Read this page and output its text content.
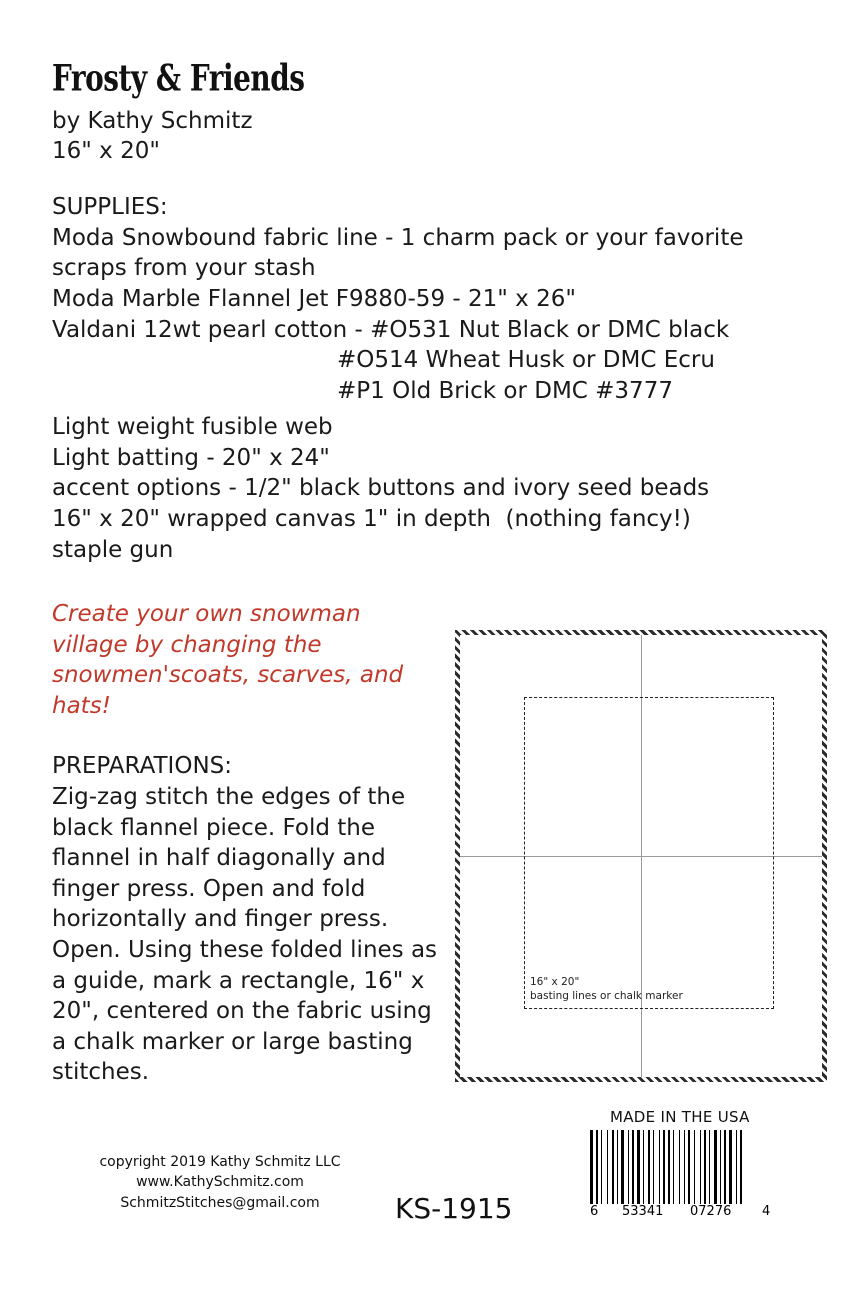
Frosty & Friends
by Kathy Schmitz
16" x 20"
SUPPLIES:
Moda Snowbound fabric line - 1 charm pack or your favorite
scraps from your stash
Moda Marble Flannel Jet F9880-59 - 21" x 26"
Valdani 12wt pearl cotton - #O531 Nut Black or DMC black
#O514 Wheat Husk or DMC Ecru
#P1 Old Brick or DMC #3777
Light weight fusible web
Light batting - 20" x 24"
accent options - 1/2" black buttons and ivory seed beads
16" x 20" wrapped canvas 1" in depth  (nothing fancy!)
staple gun
Create your own snowman village by changing the snowmen'scoats, scarves, and hats!
PREPARATIONS:
Zig-zag stitch the edges of the black flannel piece. Fold the flannel in half diagonally and finger press. Open and fold horizontally and finger press. Open. Using these folded lines as a guide, mark a rectangle, 16" x 20", centered on the fabric using a chalk marker or large basting stitches.
16" x 20"
basting lines or chalk marker
MADE IN THE USA
6 53341 07276 4
copyright 2019 Kathy Schmitz LLC
www.KathySchmitz.com
SchmitzStitches@gmail.com	KS-1915
